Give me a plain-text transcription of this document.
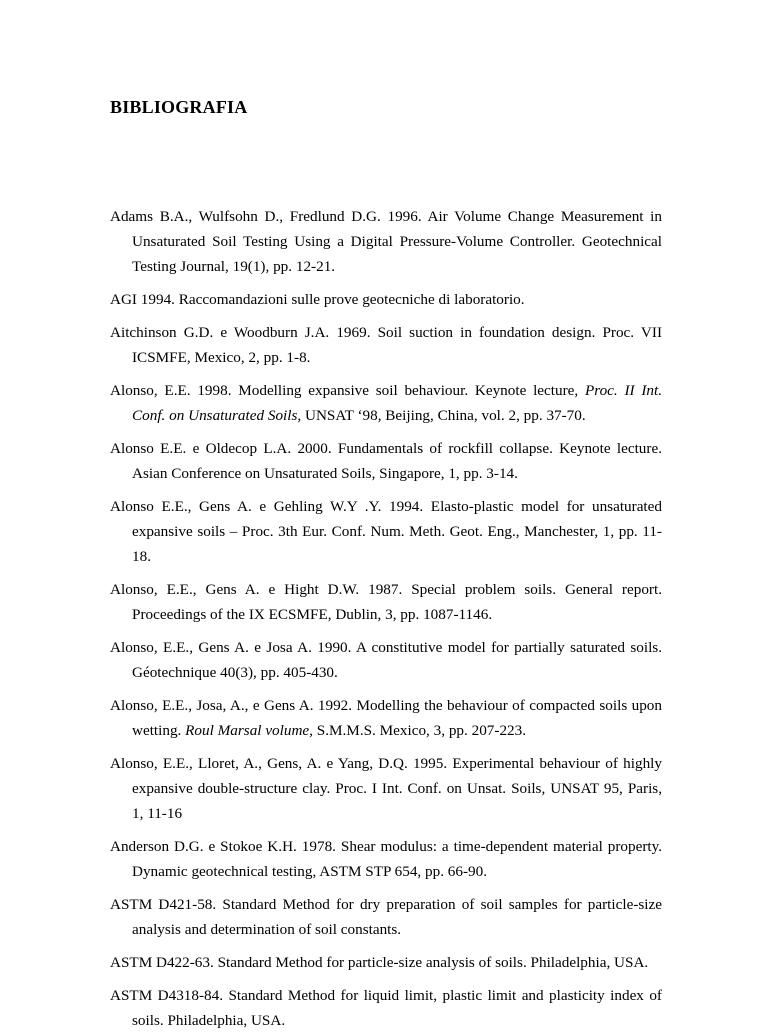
BIBLIOGRAFIA
Adams B.A., Wulfsohn D., Fredlund D.G. 1996. Air Volume Change Measurement in Unsaturated Soil Testing Using a Digital Pressure-Volume Controller. Geotechnical Testing Journal, 19(1), pp. 12-21.
AGI 1994. Raccomandazioni sulle prove geotecniche di laboratorio.
Aitchinson G.D. e Woodburn J.A. 1969. Soil suction in foundation design. Proc. VII ICSMFE, Mexico, 2, pp. 1-8.
Alonso, E.E. 1998. Modelling expansive soil behaviour. Keynote lecture, Proc. II Int. Conf. on Unsaturated Soils, UNSAT ‘98, Beijing, China, vol. 2, pp. 37-70.
Alonso E.E. e Oldecop L.A. 2000. Fundamentals of rockfill collapse. Keynote lecture. Asian Conference on Unsaturated Soils, Singapore, 1, pp. 3-14.
Alonso E.E., Gens A. e Gehling W.Y .Y. 1994. Elasto-plastic model for unsaturated expansive soils – Proc. 3th Eur. Conf. Num. Meth. Geot. Eng., Manchester, 1, pp. 11-18.
Alonso, E.E., Gens A. e Hight D.W. 1987. Special problem soils. General report. Proceedings of the IX ECSMFE, Dublin, 3, pp. 1087-1146.
Alonso, E.E., Gens A. e Josa A. 1990. A constitutive model for partially saturated soils. Géotechnique 40(3), pp. 405-430.
Alonso, E.E., Josa, A., e Gens A. 1992. Modelling the behaviour of compacted soils upon wetting. Roul Marsal volume, S.M.M.S. Mexico, 3, pp. 207-223.
Alonso, E.E., Lloret, A., Gens, A. e Yang, D.Q. 1995. Experimental behaviour of highly expansive double-structure clay. Proc. I Int. Conf. on Unsat. Soils, UNSAT 95, Paris, 1, 11-16
Anderson D.G. e Stokoe K.H. 1978. Shear modulus: a time-dependent material property. Dynamic geotechnical testing, ASTM STP 654, pp. 66-90.
ASTM D421-58. Standard Method for dry preparation of soil samples for particle-size analysis and determination of soil constants.
ASTM D422-63. Standard Method for particle-size analysis of soils. Philadelphia, USA.
ASTM D4318-84. Standard Method for liquid limit, plastic limit and plasticity index of soils. Philadelphia, USA.
